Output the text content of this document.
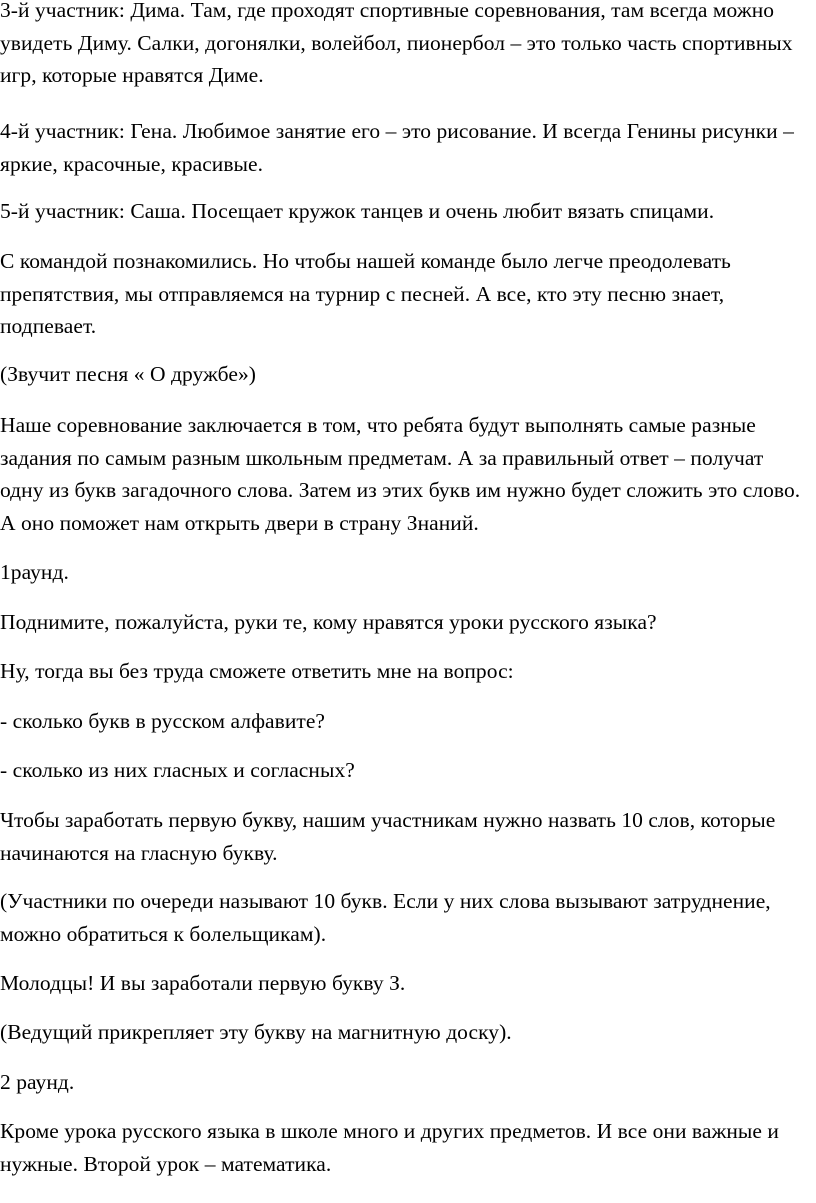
3-й участник: Дима. Там, где проходят спортивные соревнования, там всегда можно увидеть Диму. Салки, догонялки, волейбол, пионербол – это только часть спортивных игр, которые нравятся Диме.

4-й участник: Гена. Любимое занятие его – это рисование. И всегда Генины рисунки – яркие, красочные, красивые.

5-й участник: Саша. Посещает кружок танцев и очень любит вязать спицами.

С командой познакомились. Но чтобы нашей команде было легче преодолевать препятствия, мы отправляемся на турнир с песней. А все, кто эту песню знает, подпевает.

(Звучит песня « О дружбе»)

Наше соревнование заключается в том, что ребята будут выполнять самые разные задания по самым разным школьным предметам. А за правильный ответ – получат одну из букв загадочного слова. Затем из этих букв им нужно будет сложить это слово. А оно поможет нам открыть двери в страну Знаний.

1раунд.

Поднимите, пожалуйста, руки те, кому нравятся уроки русского языка?

Ну, тогда вы без труда сможете ответить мне на вопрос:

- сколько букв в русском алфавите?

- сколько из них гласных и согласных?

Чтобы заработать первую букву, нашим участникам нужно назвать 10 слов, которые начинаются на гласную букву.

(Участники по очереди называют 10 букв. Если у них слова вызывают затруднение, можно обратиться к болельщикам).

Молодцы! И вы заработали первую букву З.

(Ведущий прикрепляет эту букву на магнитную доску).

2 раунд.

Кроме урока русского языка в школе много и других предметов. И все они важные и нужные. Второй урок – математика.
